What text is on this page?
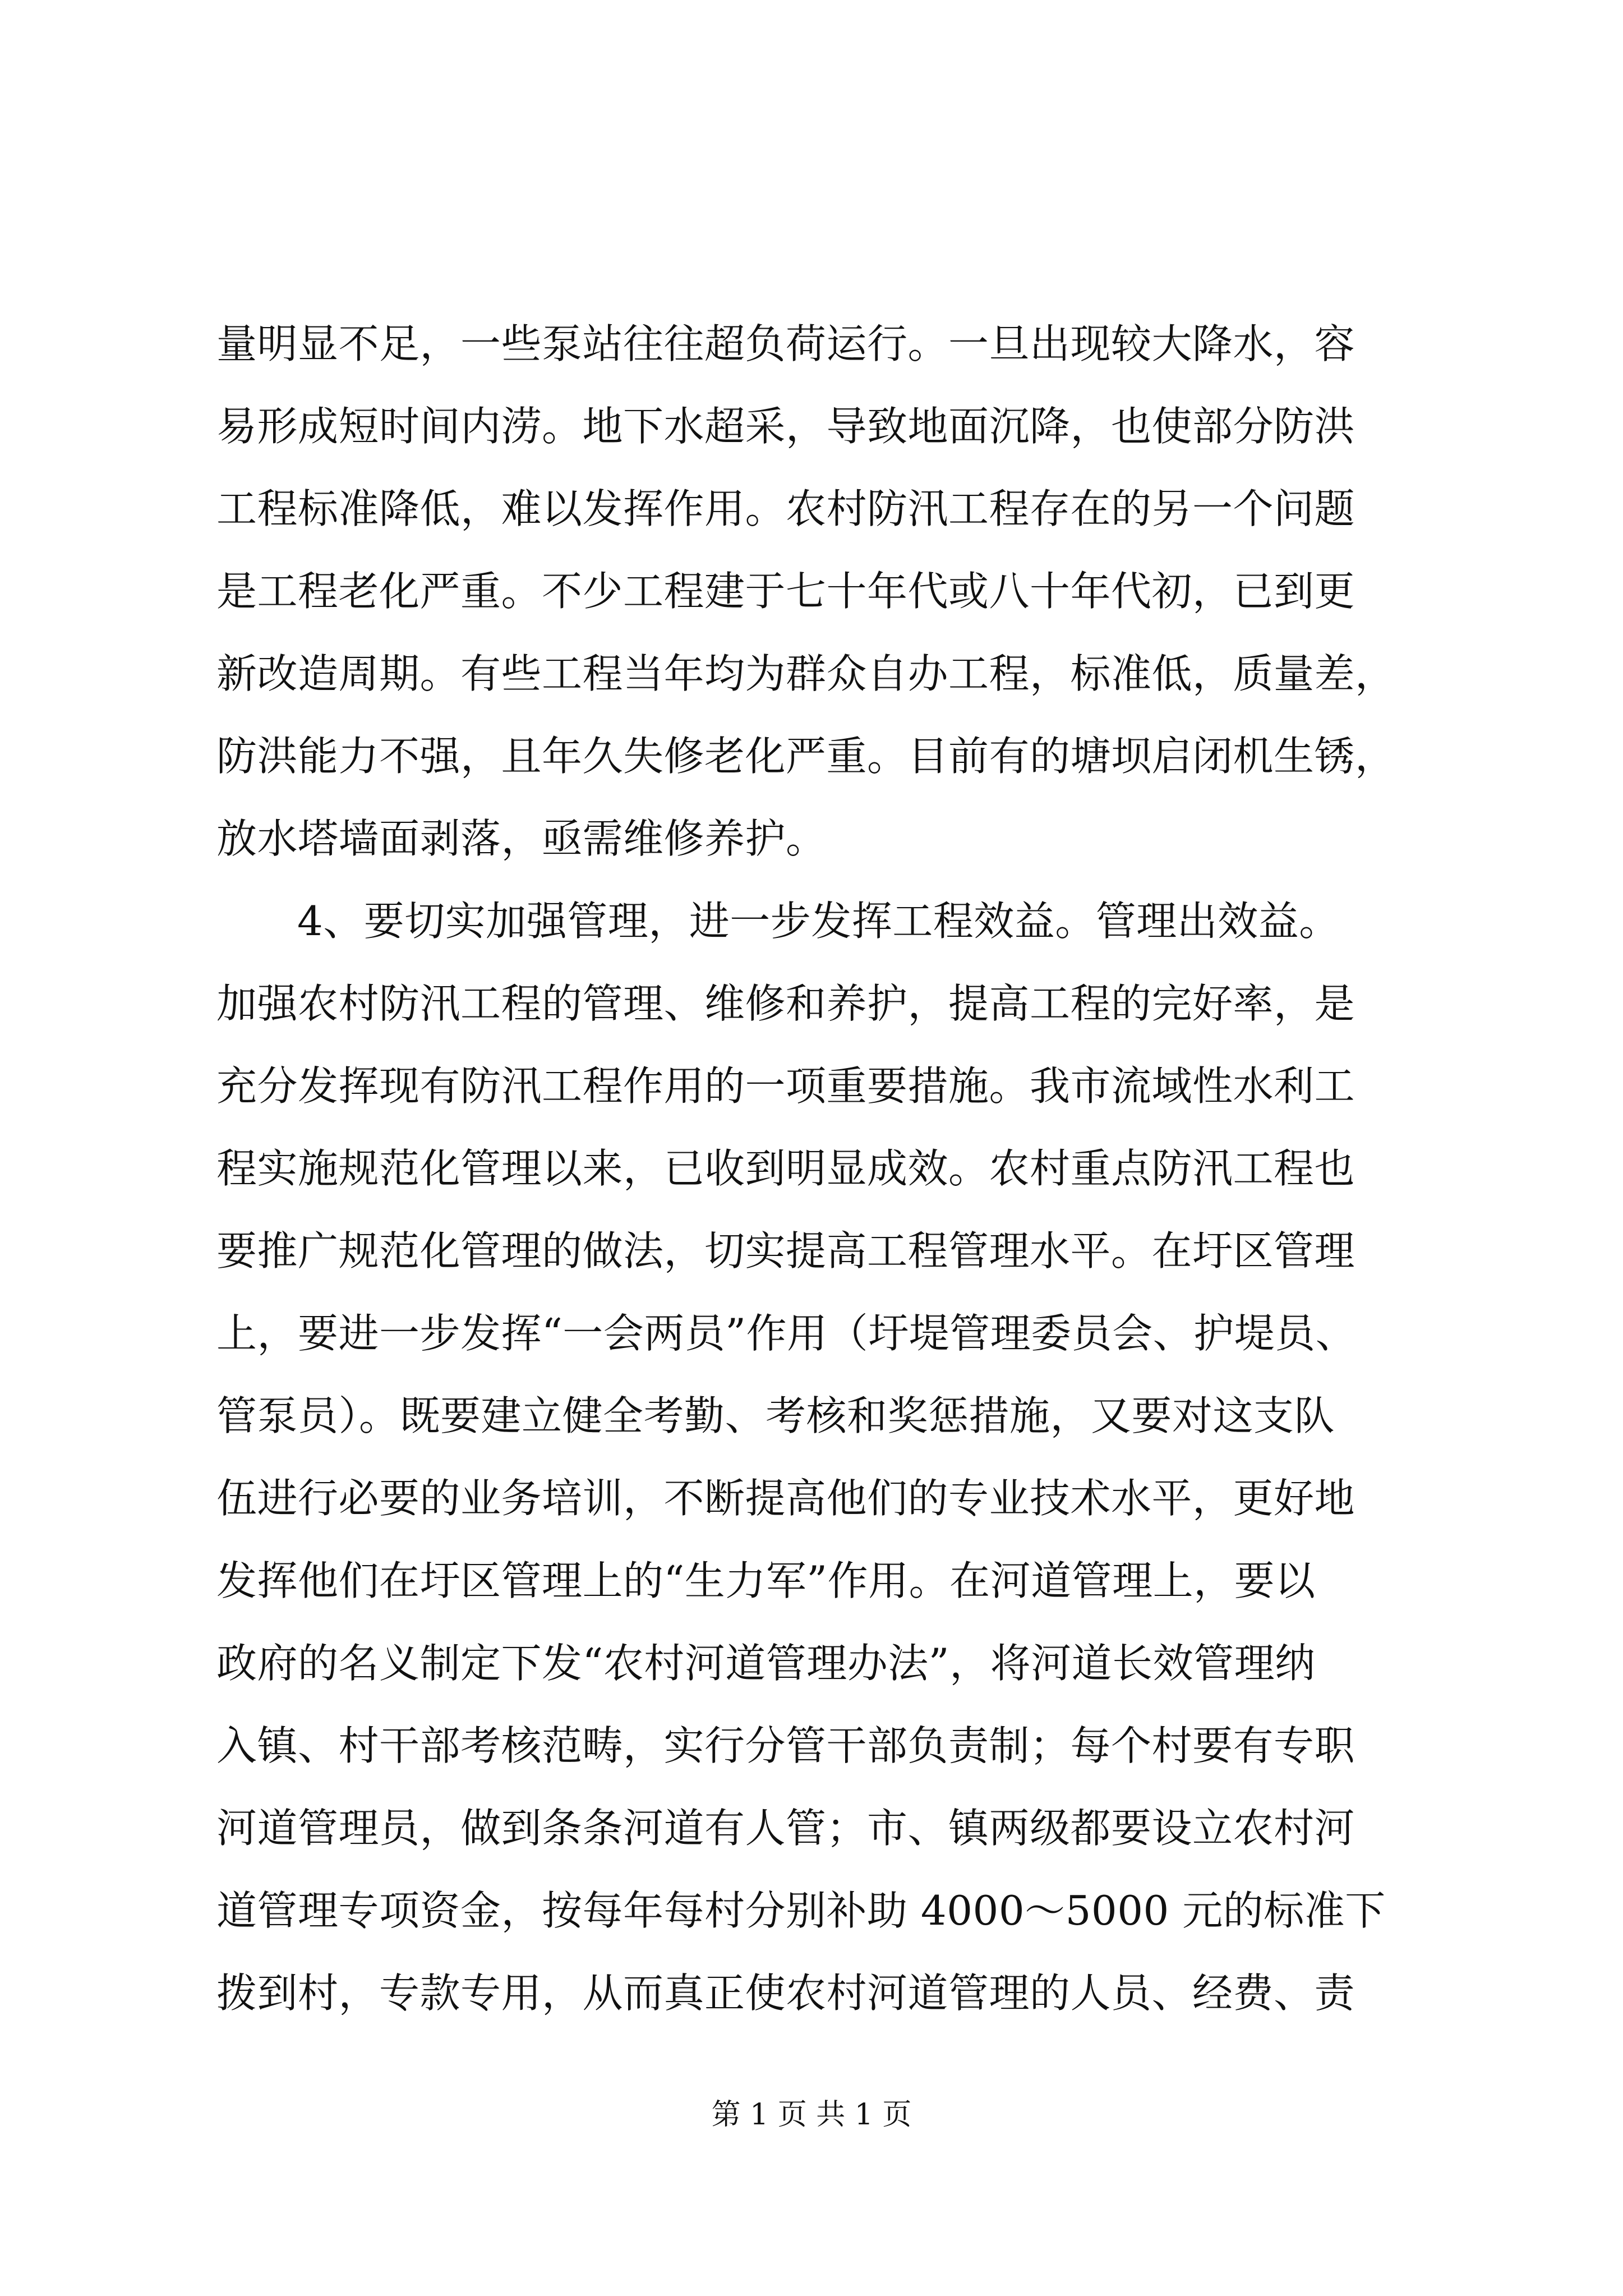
量明显不足，一些泵站往往超负荷运行。一旦出现较大降水，容
易形成短时间内涝。地下水超采，导致地面沉降，也使部分防洪
工程标准降低，难以发挥作用。农村防汛工程存在的另一个问题
是工程老化严重。不少工程建于七十年代或八十年代初，已到更
新改造周期。有些工程当年均为群众自办工程，标准低，质量差，
防洪能力不强，且年久失修老化严重。目前有的塘坝启闭机生锈，
放水塔墙面剥落，亟需维修养护。
4、要切实加强管理，进一步发挥工程效益。管理出效益。
加强农村防汛工程的管理、维修和养护，提高工程的完好率，是
充分发挥现有防汛工程作用的一项重要措施。我市流域性水利工
程实施规范化管理以来，已收到明显成效。农村重点防汛工程也
要推广规范化管理的做法，切实提高工程管理水平。在圩区管理
上，要进一步发挥“一会两员”作用（圩堤管理委员会、护堤员、
管泵员）。既要建立健全考勤、考核和奖惩措施，又要对这支队
伍进行必要的业务培训，不断提高他们的专业技术水平，更好地
发挥他们在圩区管理上的“生力军”作用。在河道管理上，要以
政府的名义制定下发“农村河道管理办法”，将河道长效管理纳
入镇、村干部考核范畴，实行分管干部负责制；每个村要有专职
河道管理员，做到条条河道有人管；市、镇两级都要设立农村河
道管理专项资金，按每年每村分别补助 4000～5000 元的标准下
拨到村，专款专用，从而真正使农村河道管理的人员、经费、责
第 1 页 共 1 页
